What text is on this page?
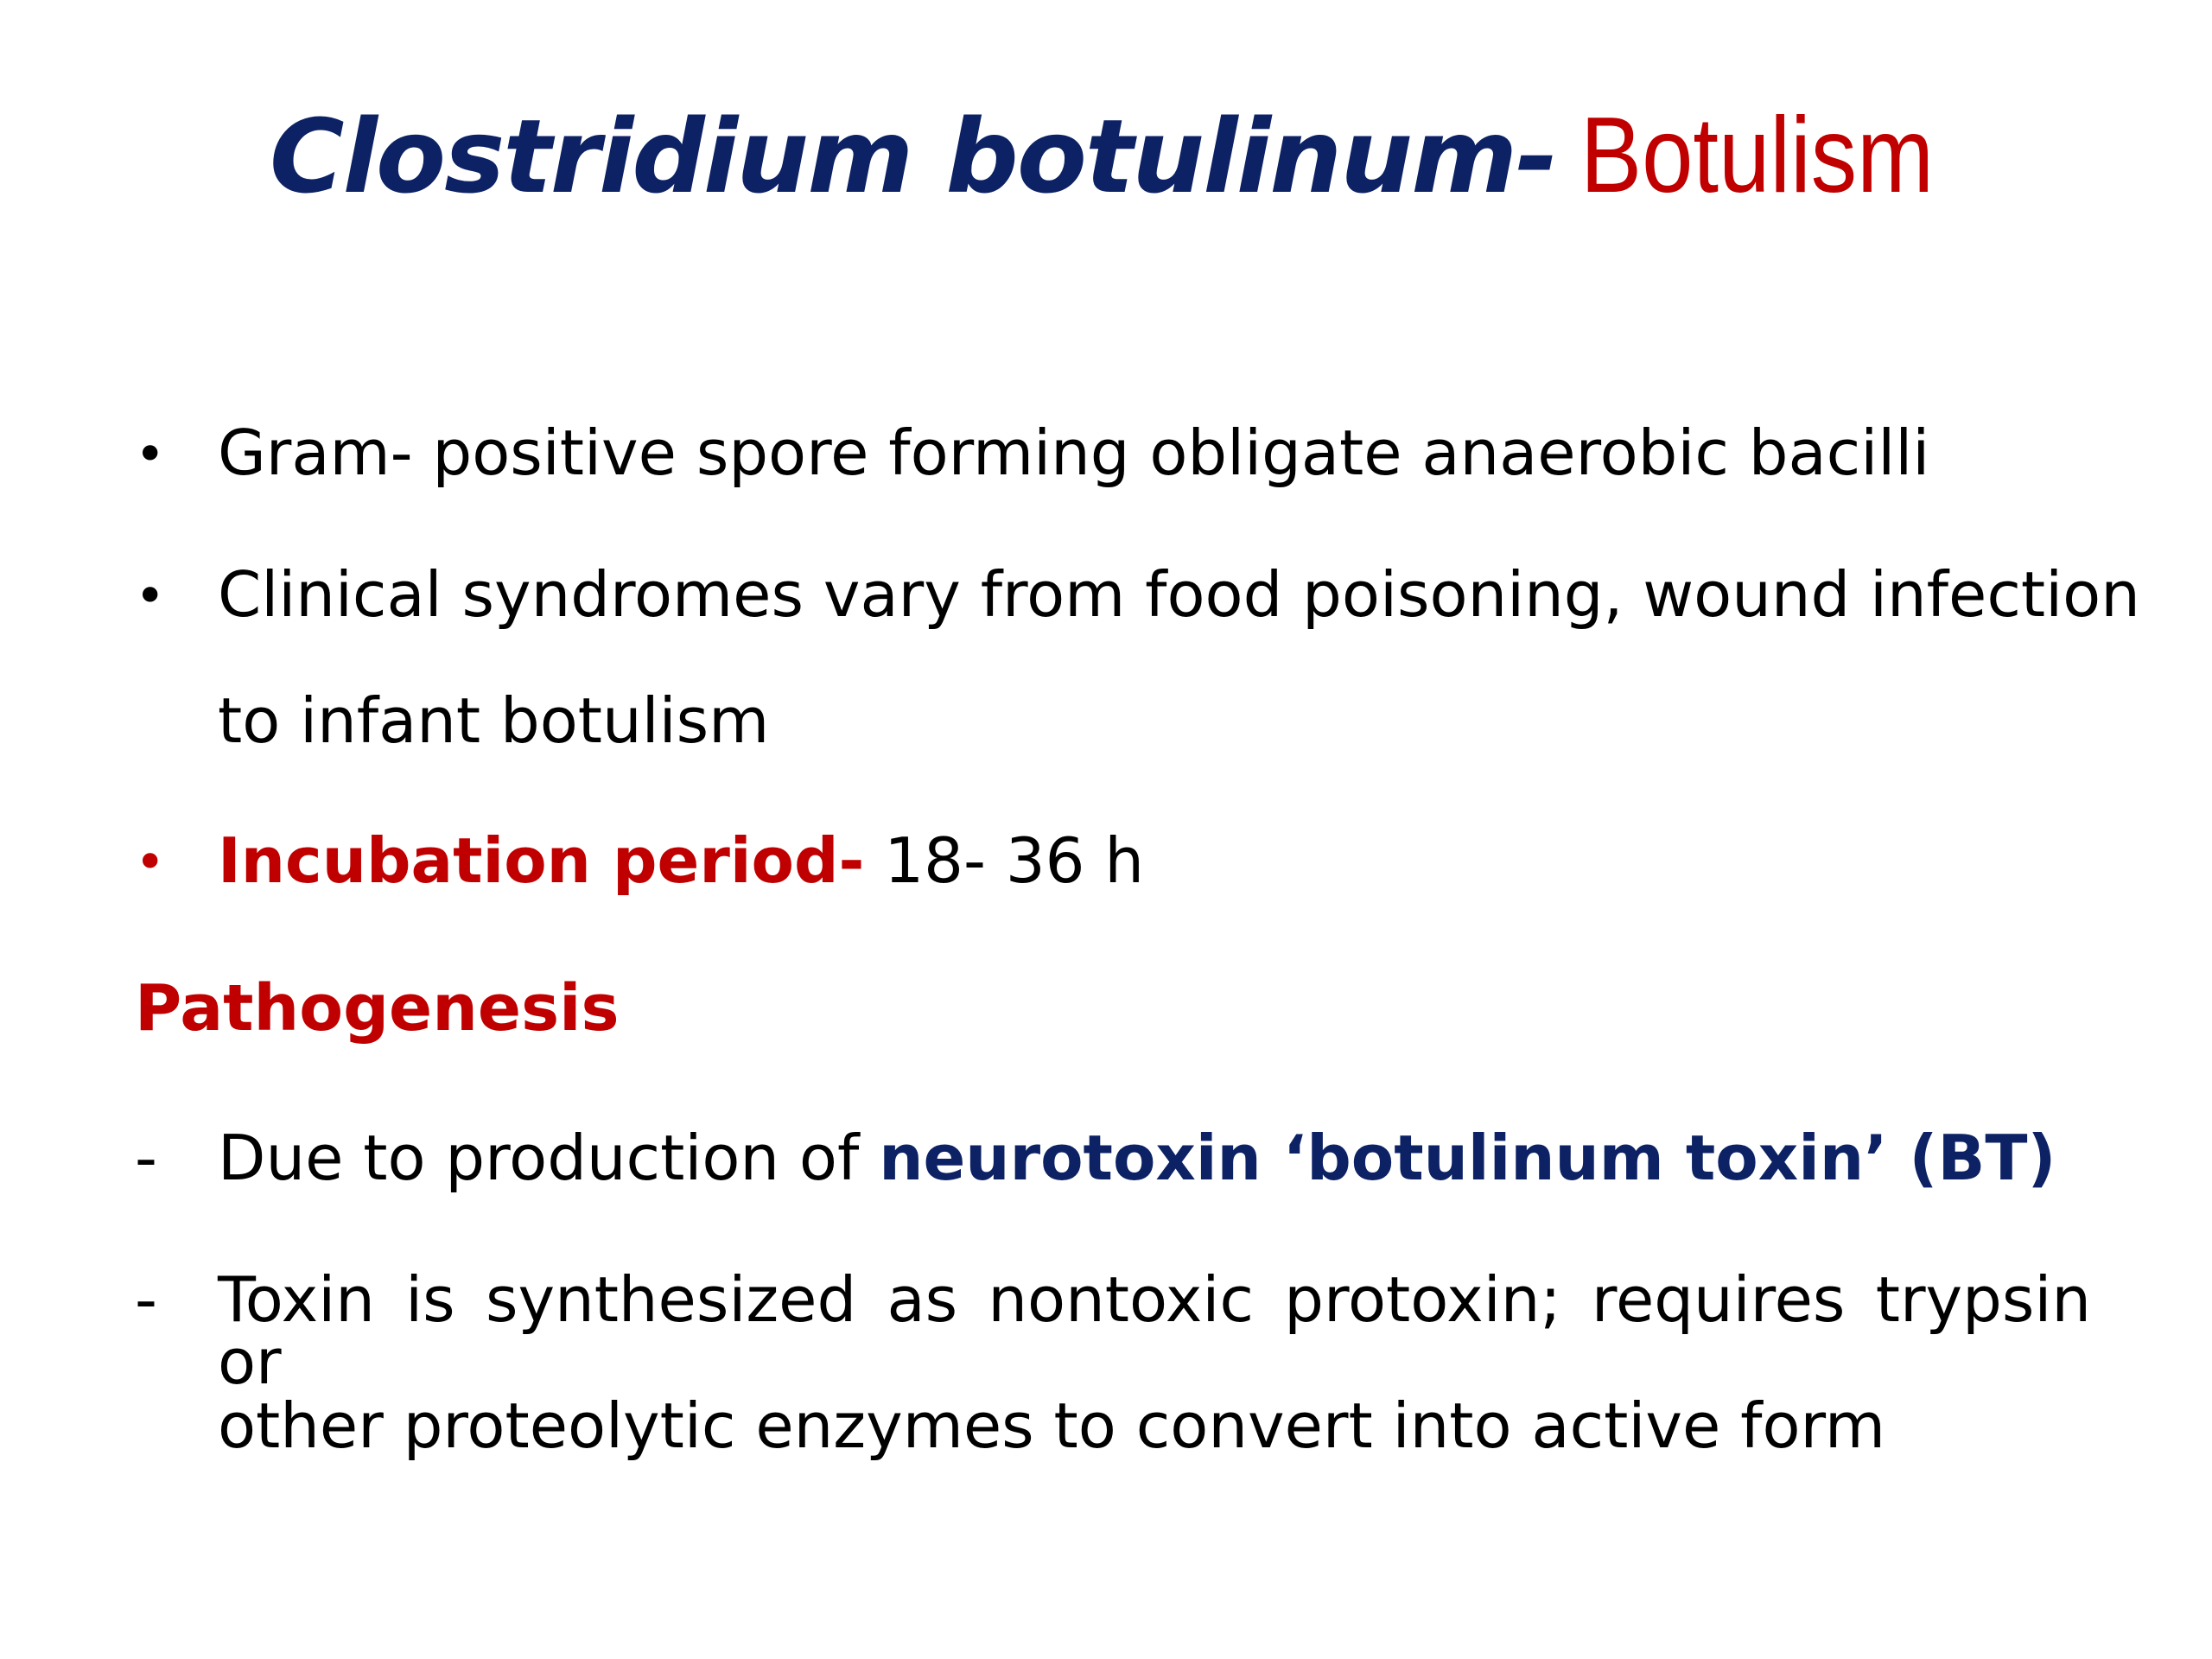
Clostridium botulinum- Botulism
• Gram- positive spore forming obligate anaerobic bacilli
• Clinical syndromes vary from food poisoning, wound infection
to infant botulism
• Incubation period- 18- 36 h
Pathogenesis
- Due to production of neurotoxin ‘botulinum toxin’ (BT)
- Toxin is synthesized as nontoxic protoxin; requires trypsin or
other proteolytic enzymes to convert into active form
